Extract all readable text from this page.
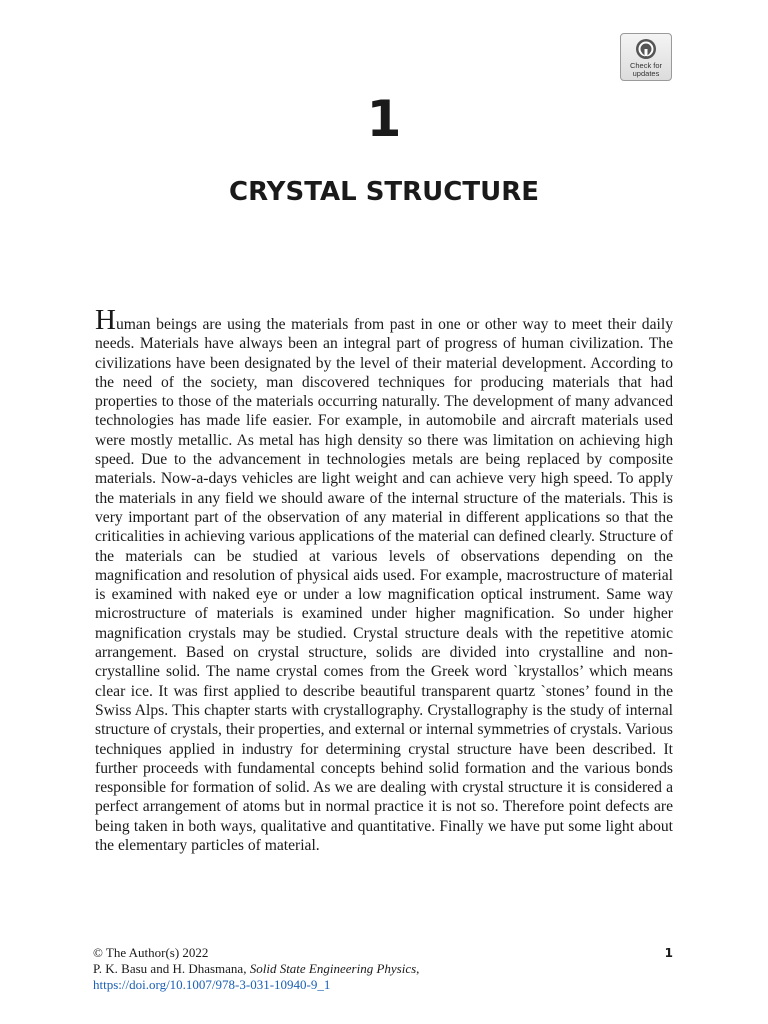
Check for
updates
1
CRYSTAL STRUCTURE

Human beings are using the materials from past in one or other way to meet their daily needs. Materials have always been an integral part of progress of human civilization. The civilizations have been designated by the level of their material development. According to the need of the society, man discovered techniques for producing materials that had properties to those of the materials occurring naturally. The development of many advanced technologies has made life easier. For example, in automobile and aircraft materials used were mostly metallic. As metal has high density so there was limitation on achieving high speed. Due to the advancement in technologies metals are being replaced by composite materials. Now-a-days vehicles are light weight and can achieve very high speed. To apply the materials in any field we should aware of the internal structure of the materials. This is very important part of the observation of any material in different applications so that the criticalities in achieving various applications of the material can defined clearly. Structure of the materials can be studied at various levels of observations depending on the magnification and resolution of physical aids used. For example, macrostructure of material is examined with naked eye or under a low magnification optical instrument. Same way microstructure of materials is examined under higher magnification. So under higher magnification crystals may be studied. Crystal structure deals with the repetitive atomic arrangement. Based on crystal structure, solids are divided into crystalline and non-crystalline solid. The name crystal comes from the Greek word `krystallos’ which means clear ice. It was first applied to describe beautiful transparent quartz `stones’ found in the Swiss Alps. This chapter starts with crystallography. Crystallography is the study of internal structure of crystals, their properties, and external or internal symmetries of crystals. Various techniques applied in industry for determining crystal structure have been described. It further proceeds with fundamental concepts behind solid formation and the various bonds responsible for formation of solid. As we are dealing with crystal structure it is considered a perfect arrangement of atoms but in normal practice it is not so. Therefore point defects are being taken in both ways, qualitative and quantitative. Finally we have put some light about the elementary particles of material.

1
© The Author(s) 2022
P. K. Basu and H. Dhasmana, Solid State Engineering Physics,
https://doi.org/10.1007/978-3-031-10940-9_1
